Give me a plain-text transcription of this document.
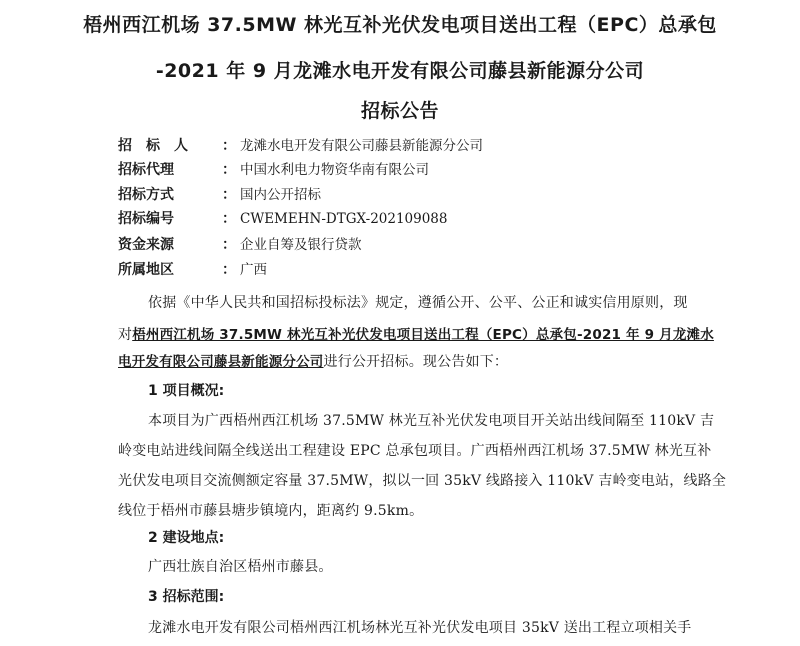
梧州西江机场 37.5MW 林光互补光伏发电项目送出工程（EPC）总承包
-2021 年 9 月龙滩水电开发有限公司藤县新能源分公司
招标公告
招　标　人 ： 龙滩水电开发有限公司藤县新能源分公司
招标代理	： 中国水利电力物资华南有限公司
招标方式	： 国内公开招标
招标编号	： CWEMEHN-DTGX-202109088
资金来源	： 企业自筹及银行贷款
所属地区	： 广西
依据《中华人民共和国招标投标法》规定，遵循公开、公平、公正和诚实信用原则，现
对梧州西江机场 37.5MW 林光互补光伏发电项目送出工程（EPC）总承包-2021 年 9 月龙滩水
电开发有限公司藤县新能源分公司进行公开招标。现公告如下：
1 项目概况:
本项目为广西梧州西江机场 37.5MW 林光互补光伏发电项目开关站出线间隔至 110kV 吉
岭变电站进线间隔全线送出工程建设 EPC 总承包项目。广西梧州西江机场 37.5MW 林光互补
光伏发电项目交流侧额定容量 37.5MW，拟以一回 35kV 线路接入 110kV 吉岭变电站，线路全
线位于梧州市藤县塘步镇境内，距离约 9.5km。
2 建设地点:
广西壮族自治区梧州市藤县。
3 招标范围:
龙滩水电开发有限公司梧州西江机场林光互补光伏发电项目 35kV 送出工程立项相关手
